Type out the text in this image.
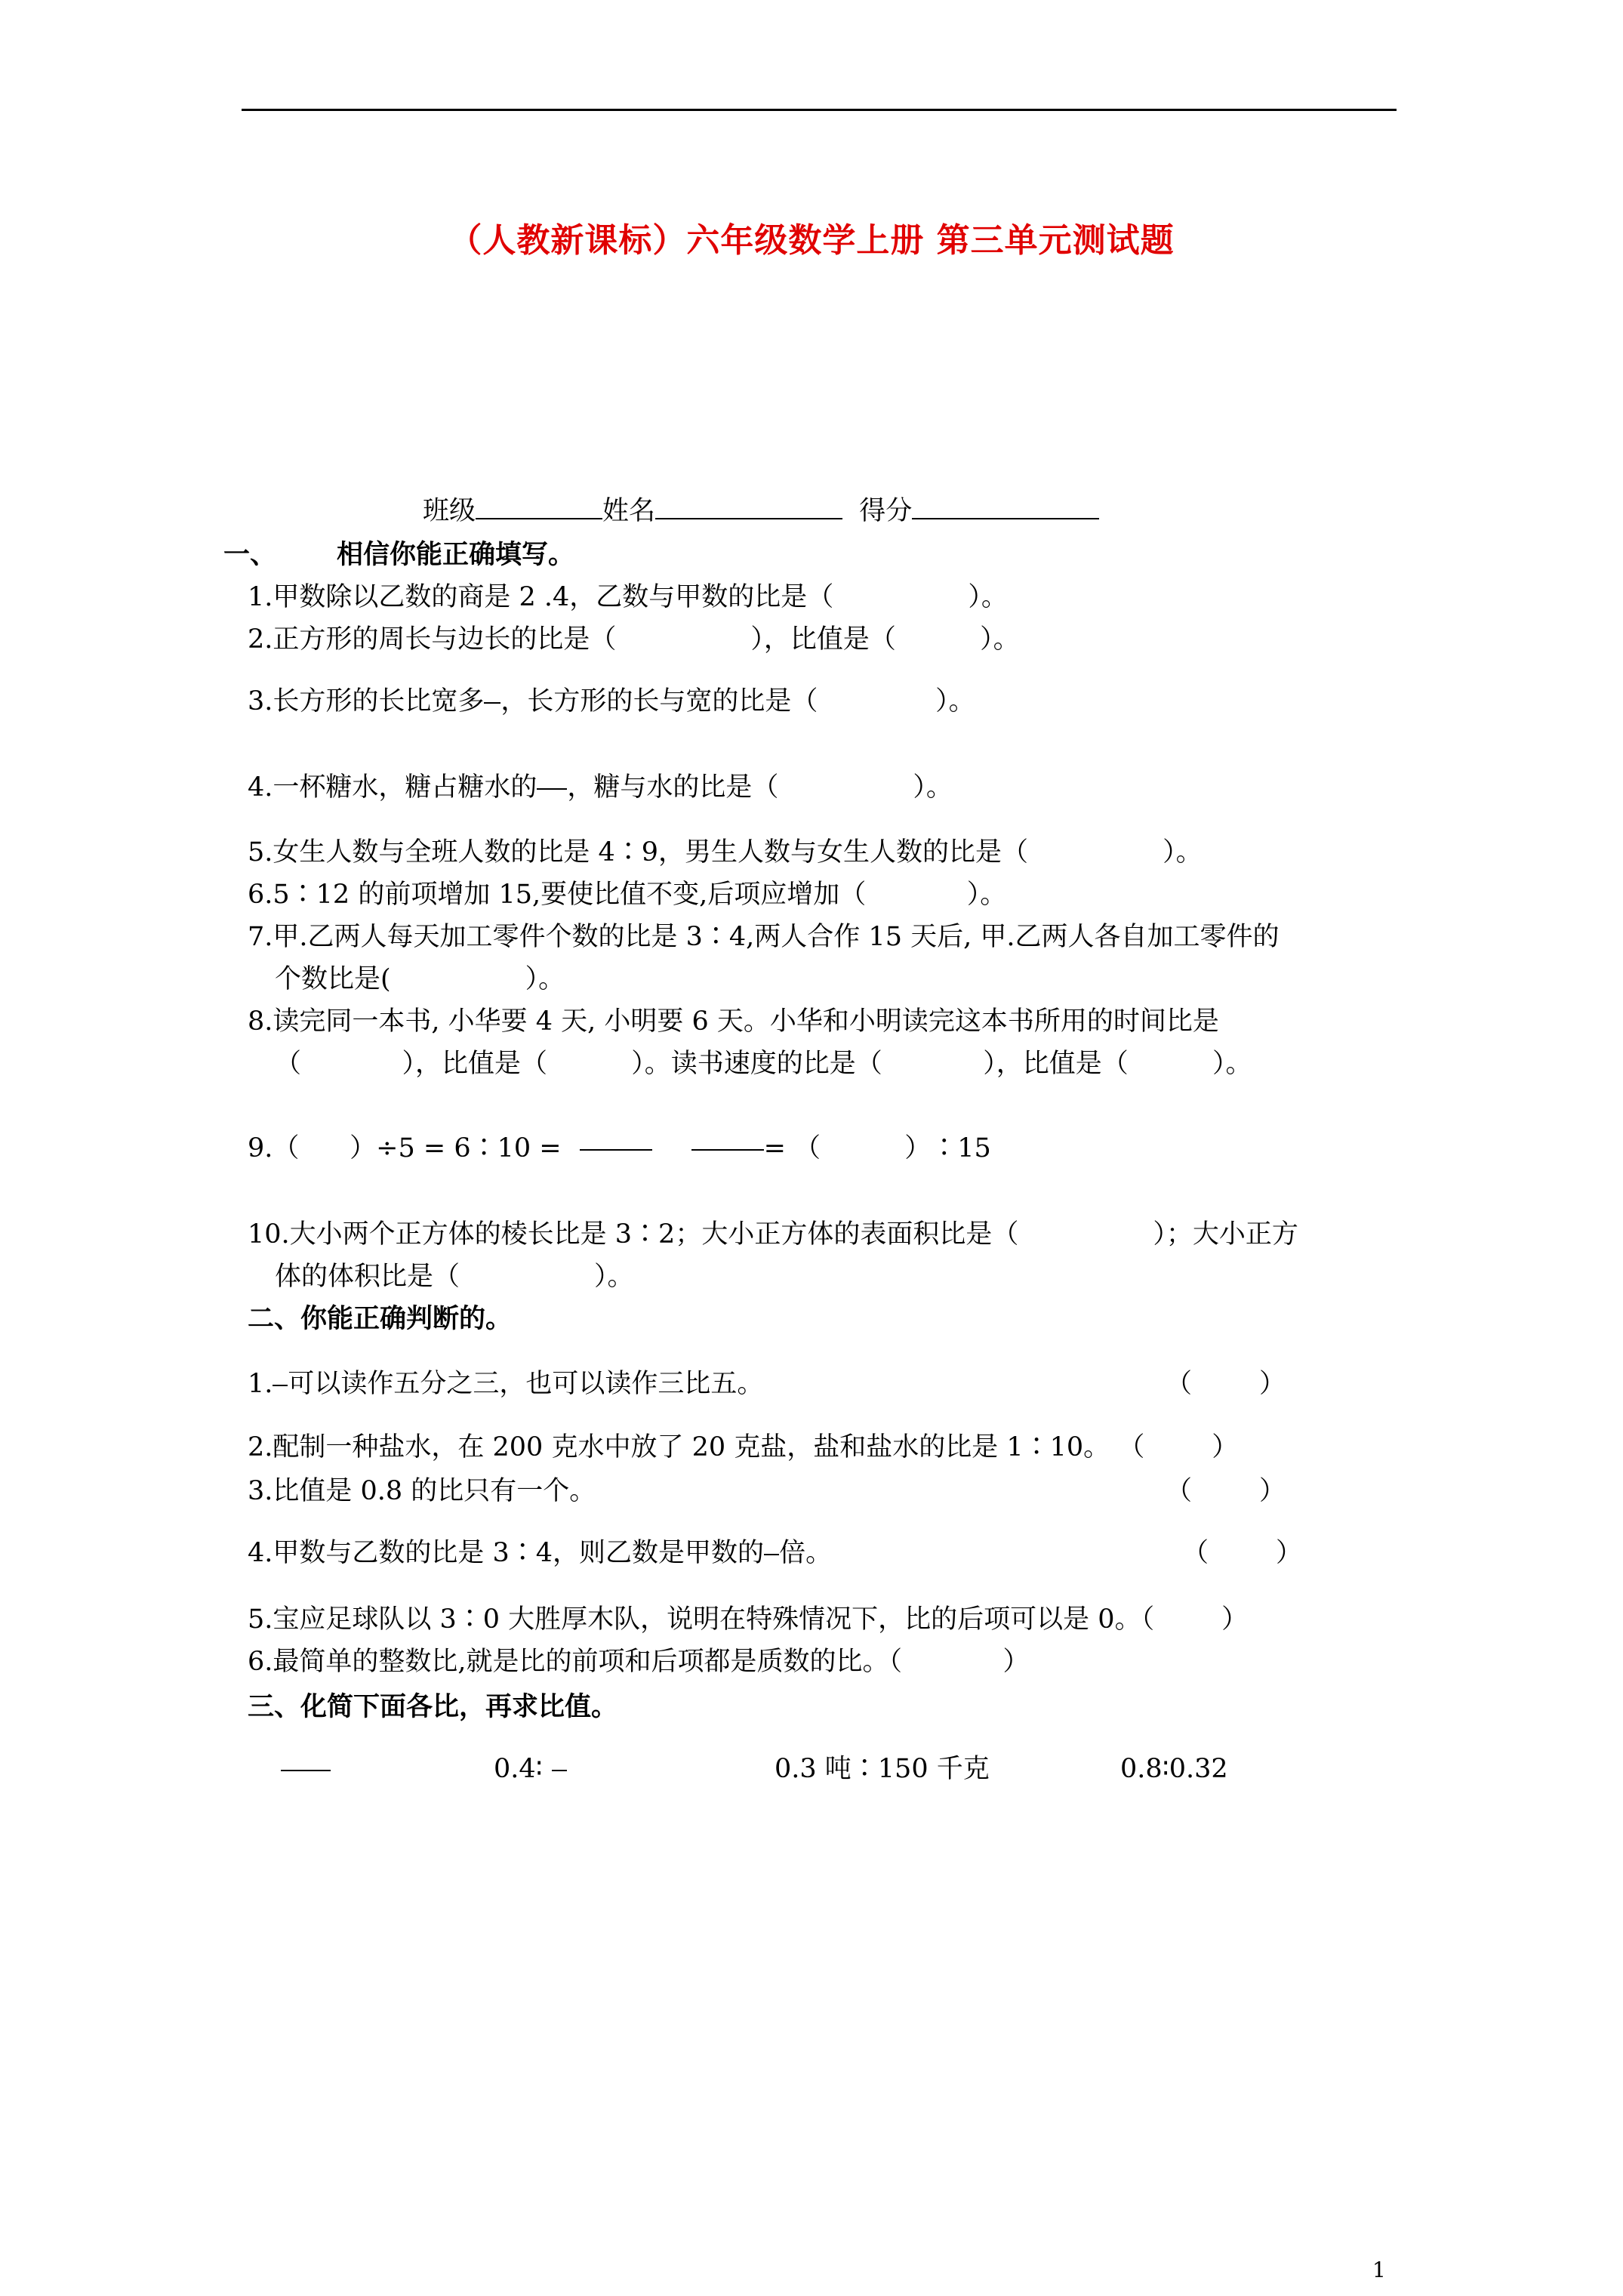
（人教新课标）六年级数学上册 第三单元测试题
班级	姓名	得分
一、 相信你能正确填写。
1.甲数除以乙数的商是 2 .4，乙数与甲数的比是（                ）。
2.正方形的周长与边长的比是（                ），比值是（          ）。
3.长方形的长比宽多 ，长方形的长与宽的比是（              ）。
4.一杯糖水，糖占糖水的 ，糖与水的比是（                ）。
5.女生人数与全班人数的比是 4∶9，男生人数与女生人数的比是（                ）。
6.5∶12 的前项增加 15,要使比值不变,后项应增加（            ）。
7.甲.乙两人每天加工零件个数的比是 3∶4,两人合作 15 天后, 甲.乙两人各自加工零件的
个数比是(                ）。
8.读完同一本书, 小华要 4 天, 小明要 6 天。小华和小明读完这本书所用的时间比是
（            ），比值是（          ）。读书速度的比是（            ），比值是（          ）。
9.（      ）÷5 = 6∶10 =	= （          ）∶15
10.大小两个正方体的棱长比是 3∶2；大小正方体的表面积比是（                ）；大小正方
体的体积比是（                ）。
二、你能正确判断的。
1. 可以读作五分之三，也可以读作三比五。	（        ）
2.配制一种盐水，在 200 克水中放了 20 克盐，盐和盐水的比是 1∶10。 （        ）
3.比值是 0.8 的比只有一个。	（        ）
4.甲数与乙数的比是 3∶4，则乙数是甲数的 倍。	（        ）
5.宝应足球队以 3∶0 大胜厚木队，说明在特殊情况下，比的后项可以是 0。（        ）
6.最简单的整数比,就是比的前项和后项都是质数的比。（            ）
三、化简下面各比，再求比值。
0.4∶	0.3 吨∶150 千克	0.8∶0.32
1
